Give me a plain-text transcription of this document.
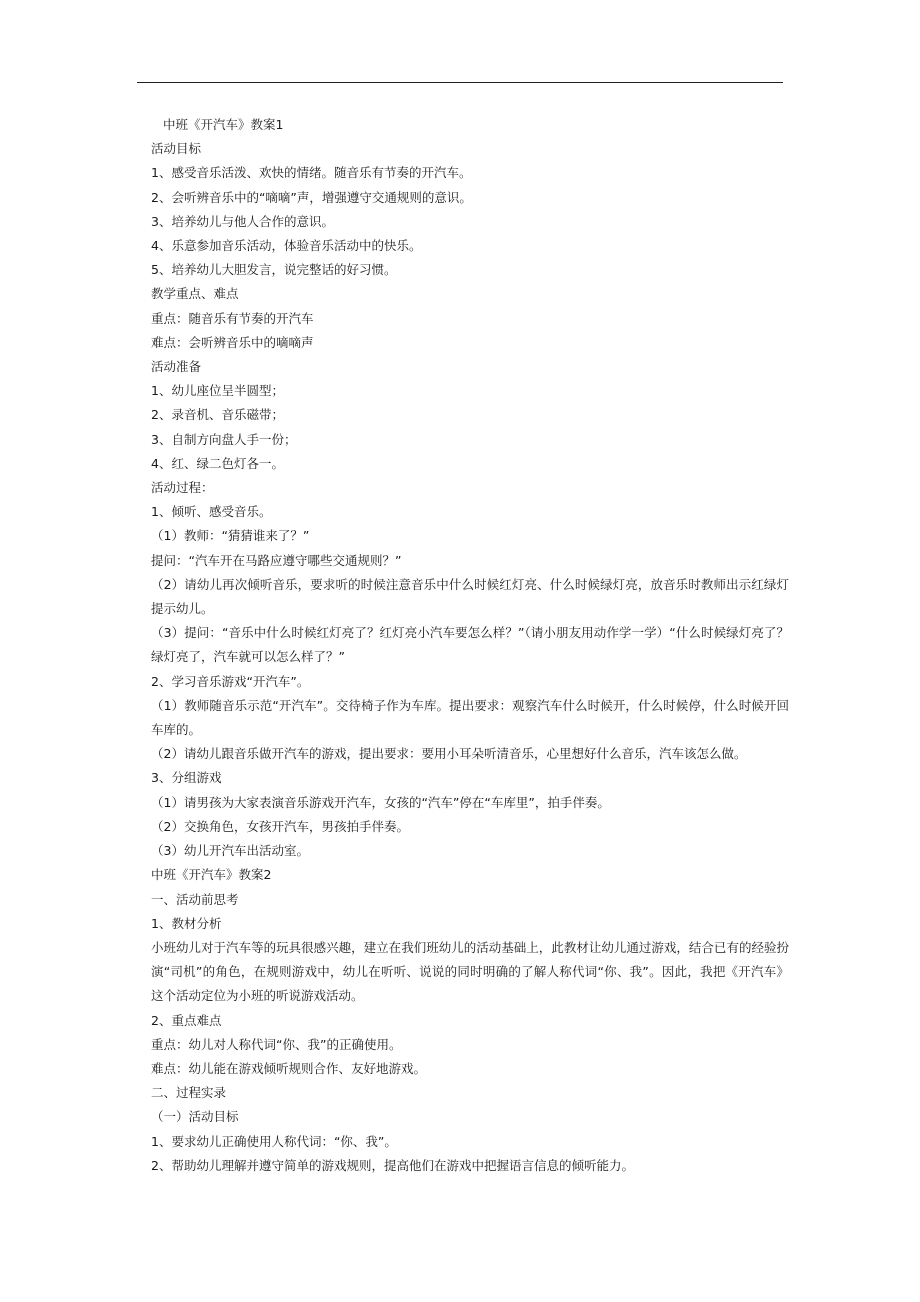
中班《开汽车》教案1

活动目标

1、感受音乐活泼、欢快的情绪。随音乐有节奏的开汽车。

2、会听辨音乐中的“嘀嘀”声，增强遵守交通规则的意识。

3、培养幼儿与他人合作的意识。

4、乐意参加音乐活动，体验音乐活动中的快乐。

5、培养幼儿大胆发言，说完整话的好习惯。

教学重点、难点

重点：随音乐有节奏的开汽车

难点：会听辨音乐中的嘀嘀声

活动准备

1、幼儿座位呈半圆型；

2、录音机、音乐磁带；

3、自制方向盘人手一份；

4、红、绿二色灯各一。

活动过程：

1、倾听、感受音乐。

（1）教师：“猜猜谁来了？”

提问：“汽车开在马路应遵守哪些交通规则？”

（2）请幼儿再次倾听音乐，要求听的时候注意音乐中什么时候红灯亮、什么时候绿灯亮，放音乐时教师出示红绿灯提示幼儿。

（3）提问：“音乐中什么时候红灯亮了？红灯亮小汽车要怎么样？”（请小朋友用动作学一学）“什么时候绿灯亮了？绿灯亮了，汽车就可以怎么样了？”

2、学习音乐游戏“开汽车”。

（1）教师随音乐示范“开汽车”。交待椅子作为车库。提出要求：观察汽车什么时候开，什么时候停，什么时候开回车库的。

（2）请幼儿跟音乐做开汽车的游戏，提出要求：要用小耳朵听清音乐，心里想好什么音乐，汽车该怎么做。

3、分组游戏

（1）请男孩为大家表演音乐游戏开汽车，女孩的“汽车”停在“车库里”，拍手伴奏。

（2）交换角色，女孩开汽车，男孩拍手伴奏。

（3）幼儿开汽车出活动室。

中班《开汽车》教案2

一、活动前思考

1、教材分析

小班幼儿对于汽车等的玩具很感兴趣，建立在我们班幼儿的活动基础上，此教材让幼儿通过游戏，结合已有的经验扮演“司机”的角色，在规则游戏中，幼儿在听听、说说的同时明确的了解人称代词“你、我”。因此，我把《开汽车》这个活动定位为小班的听说游戏活动。

2、重点难点

重点：幼儿对人称代词“你、我”的正确使用。

难点：幼儿能在游戏倾听规则合作、友好地游戏。

二、过程实录

（一）活动目标

1、要求幼儿正确使用人称代词：“你、我”。

2、帮助幼儿理解并遵守简单的游戏规则，提高他们在游戏中把握语言信息的倾听能力。
